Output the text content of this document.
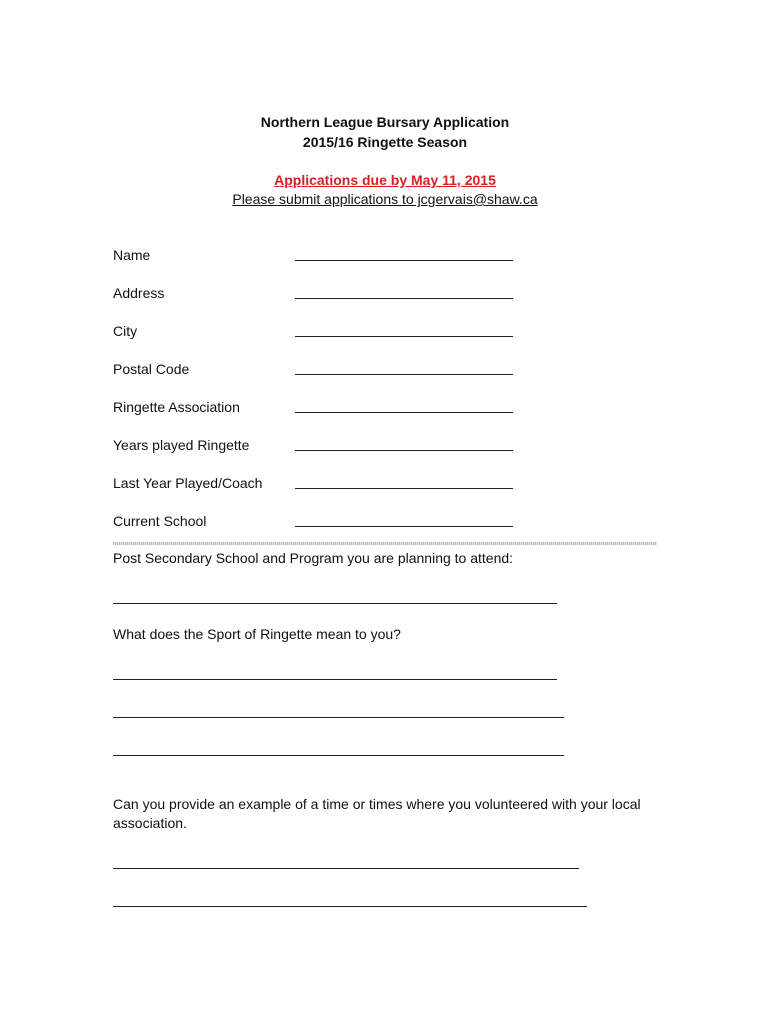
Northern League Bursary Application
2015/16 Ringette Season
Applications due by May 11, 2015
Please submit applications to jcgervais@shaw.ca
Name
Address
City
Postal Code
Ringette Association
Years played Ringette
Last Year Played/Coach
Current School
Post Secondary School and Program you are planning to attend:
What does the Sport of Ringette mean to you?
Can you provide an example of a time or times where you volunteered with your local association.
